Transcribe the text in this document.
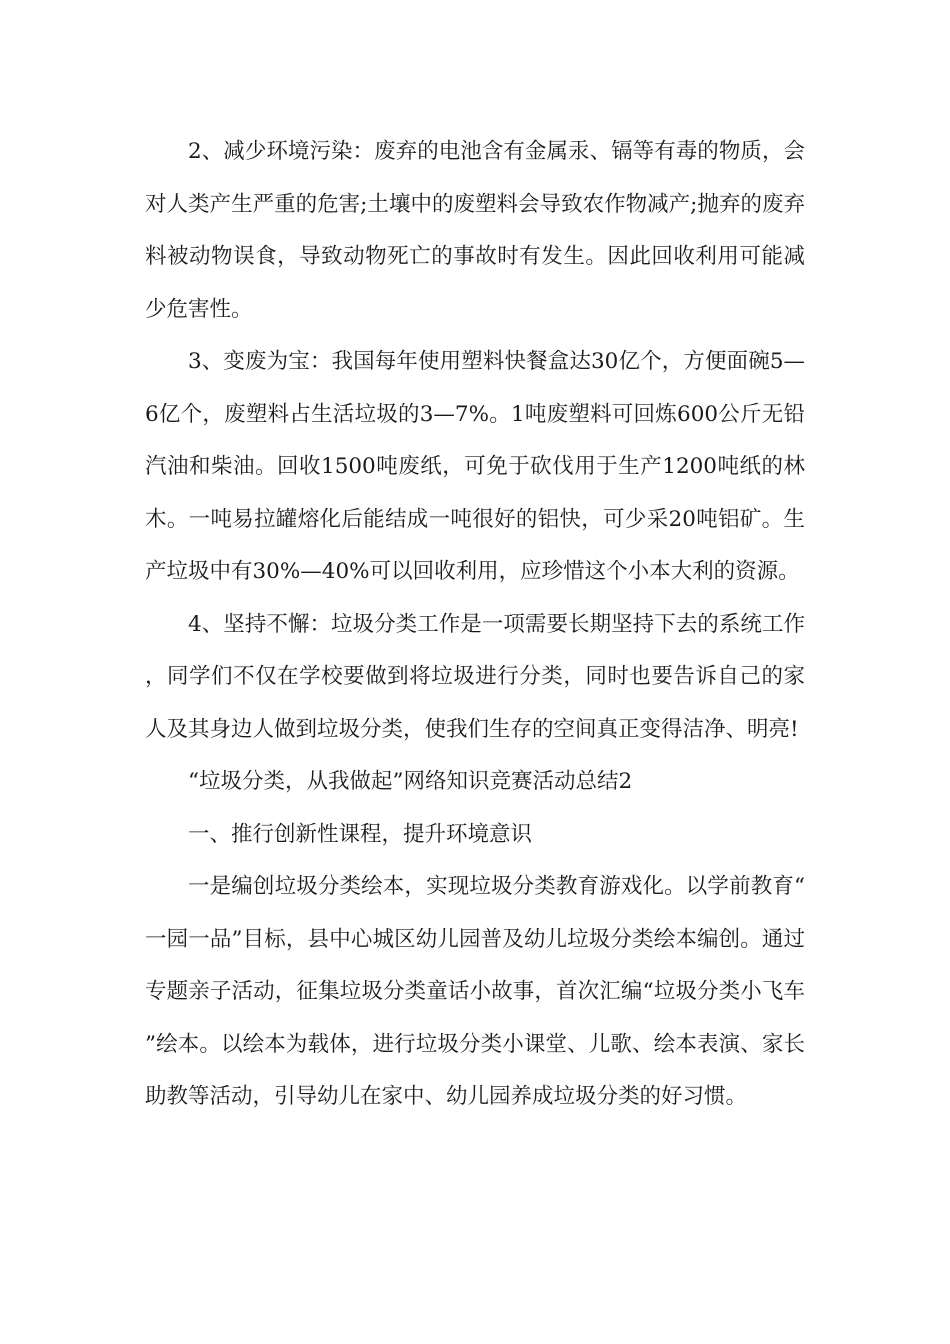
2、减少环境污染：废弃的电池含有金属汞、镉等有毒的物质，会对人类产生严重的危害;土壤中的废塑料会导致农作物减产;抛弃的废弃料被动物误食，导致动物死亡的事故时有发生。因此回收利用可能减少危害性。

3、变废为宝：我国每年使用塑料快餐盒达30亿个，方便面碗5—6亿个，废塑料占生活垃圾的3—7%。1吨废塑料可回炼600公斤无铅汽油和柴油。回收1500吨废纸，可免于砍伐用于生产1200吨纸的林木。一吨易拉罐熔化后能结成一吨很好的铝快，可少采20吨铝矿。生产垃圾中有30%—40%可以回收利用，应珍惜这个小本大利的资源。

4、坚持不懈：垃圾分类工作是一项需要长期坚持下去的系统工作，同学们不仅在学校要做到将垃圾进行分类，同时也要告诉自己的家人及其身边人做到垃圾分类，使我们生存的空间真正变得洁净、明亮!

“垃圾分类，从我做起”网络知识竞赛活动总结2

一、推行创新性课程，提升环境意识

一是编创垃圾分类绘本，实现垃圾分类教育游戏化。以学前教育“一园一品”目标，县中心城区幼儿园普及幼儿垃圾分类绘本编创。通过专题亲子活动，征集垃圾分类童话小故事，首次汇编“垃圾分类小飞车”绘本。以绘本为载体，进行垃圾分类小课堂、儿歌、绘本表演、家长助教等活动，引导幼儿在家中、幼儿园养成垃圾分类的好习惯。
